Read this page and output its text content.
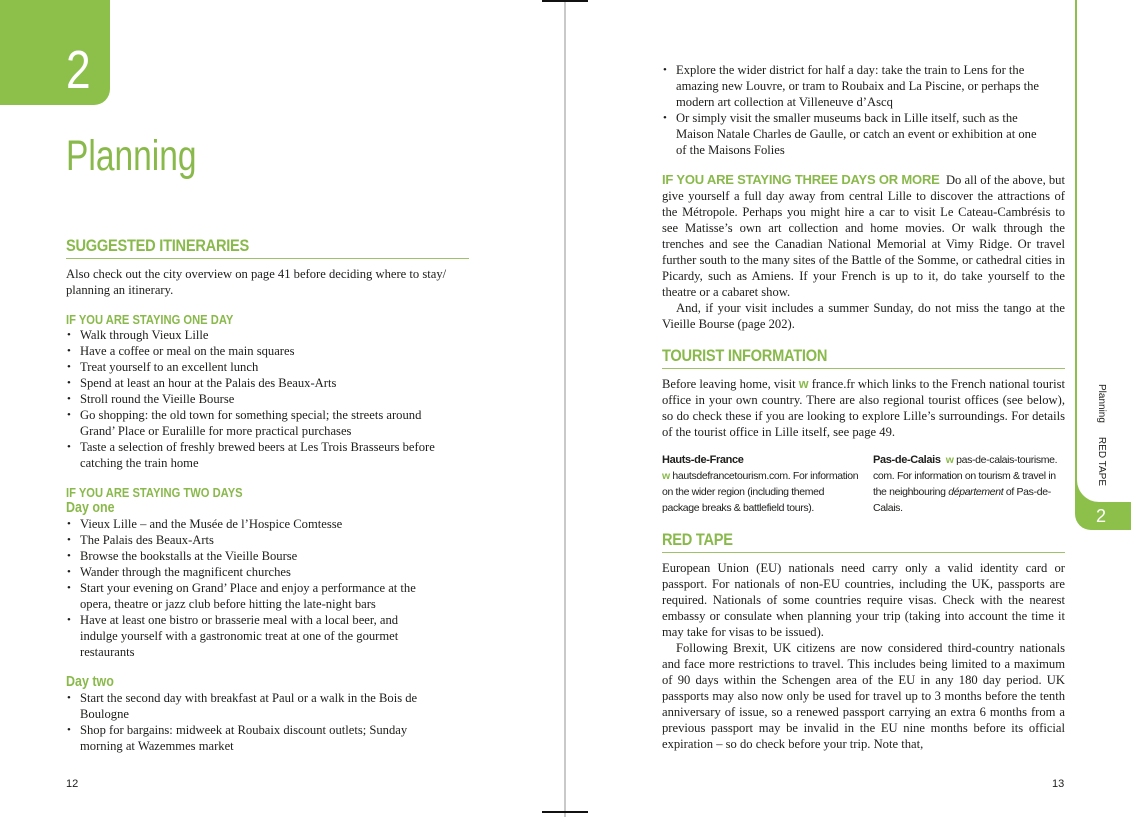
2
Planning
SUGGESTED ITINERARIES

Also check out the city overview on page 41 before deciding where to stay/ planning an itinerary.

IF YOU ARE STAYING ONE DAY
• Walk through Vieux Lille
• Have a coffee or meal on the main squares
• Treat yourself to an excellent lunch
• Spend at least an hour at the Palais des Beaux-Arts
• Stroll round the Vieille Bourse
• Go shopping: the old town for something special; the streets around Grand’ Place or Euralille for more practical purchases
• Taste a selection of freshly brewed beers at Les Trois Brasseurs before catching the train home
IF YOU ARE STAYING TWO DAYS
Day one
• Vieux Lille – and the Musée de l’Hospice Comtesse
• The Palais des Beaux-Arts
• Browse the bookstalls at the Vieille Bourse
• Wander through the magnificent churches
• Start your evening on Grand’ Place and enjoy a performance at the opera, theatre or jazz club before hitting the late-night bars
• Have at least one bistro or brasserie meal with a local beer, and indulge yourself with a gastronomic treat at one of the gourmet restaurants
Day two
• Start the second day with breakfast at Paul or a walk in the Bois de Boulogne
• Shop for bargains: midweek at Roubaix discount outlets; Sunday morning at Wazemmes market
12
• Explore the wider district for half a day: take the train to Lens for the amazing new Louvre, or tram to Roubaix and La Piscine, or perhaps the modern art collection at Villeneuve d’Ascq
• Or simply visit the smaller museums back in Lille itself, such as the Maison Natale Charles de Gaulle, or catch an event or exhibition at one of the Maisons Folies

IF YOU ARE STAYING THREE DAYS OR MORE Do all of the above, but give yourself a full day away from central Lille to discover the attractions of the Métropole. Perhaps you might hire a car to visit Le Cateau-Cambrésis to see Matisse’s own art collection and home movies. Or walk through the trenches and see the Canadian National Memorial at Vimy Ridge. Or travel further south to the many sites of the Battle of the Somme, or cathedral cities in Picardy, such as Amiens. If your French is up to it, do take yourself to the theatre or a cabaret show.

And, if your visit includes a summer Sunday, do not miss the tango at the Vieille Bourse (page 202).

TOURIST INFORMATION

Before leaving home, visit w france.fr which links to the French national tourist office in your own country. There are also regional tourist offices (see below), so do check these if you are looking to explore Lille’s surroundings. For details of the tourist office in Lille itself, see page 49.

Hauts-de-France
w hautsdefrancetourism.com. For information on the wider region (including themed package breaks & battlefield tours).
Pas-de-Calais w pas-de-calais-tourisme. com. For information on tourism & travel in the neighbouring département of Pas-de-Calais.
RED TAPE

European Union (EU) nationals need carry only a valid identity card or passport. For nationals of non-EU countries, including the UK, passports are required. Nationals of some countries require visas. Check with the nearest embassy or consulate when planning your trip (taking into account the time it may take for visas to be issued).

Following Brexit, UK citizens are now considered third-country nationals and face more restrictions to travel. This includes being limited to a maximum of 90 days within the Schengen area of the EU in any 180 day period. UK passports may also now only be used for travel up to 3 months before the tenth anniversary of issue, so a renewed passport carrying an extra 6 months from a previous passport may be invalid in the EU nine months before its official expiration – so do check before your trip. Note that,

13
2
PlanningRED TAPE
